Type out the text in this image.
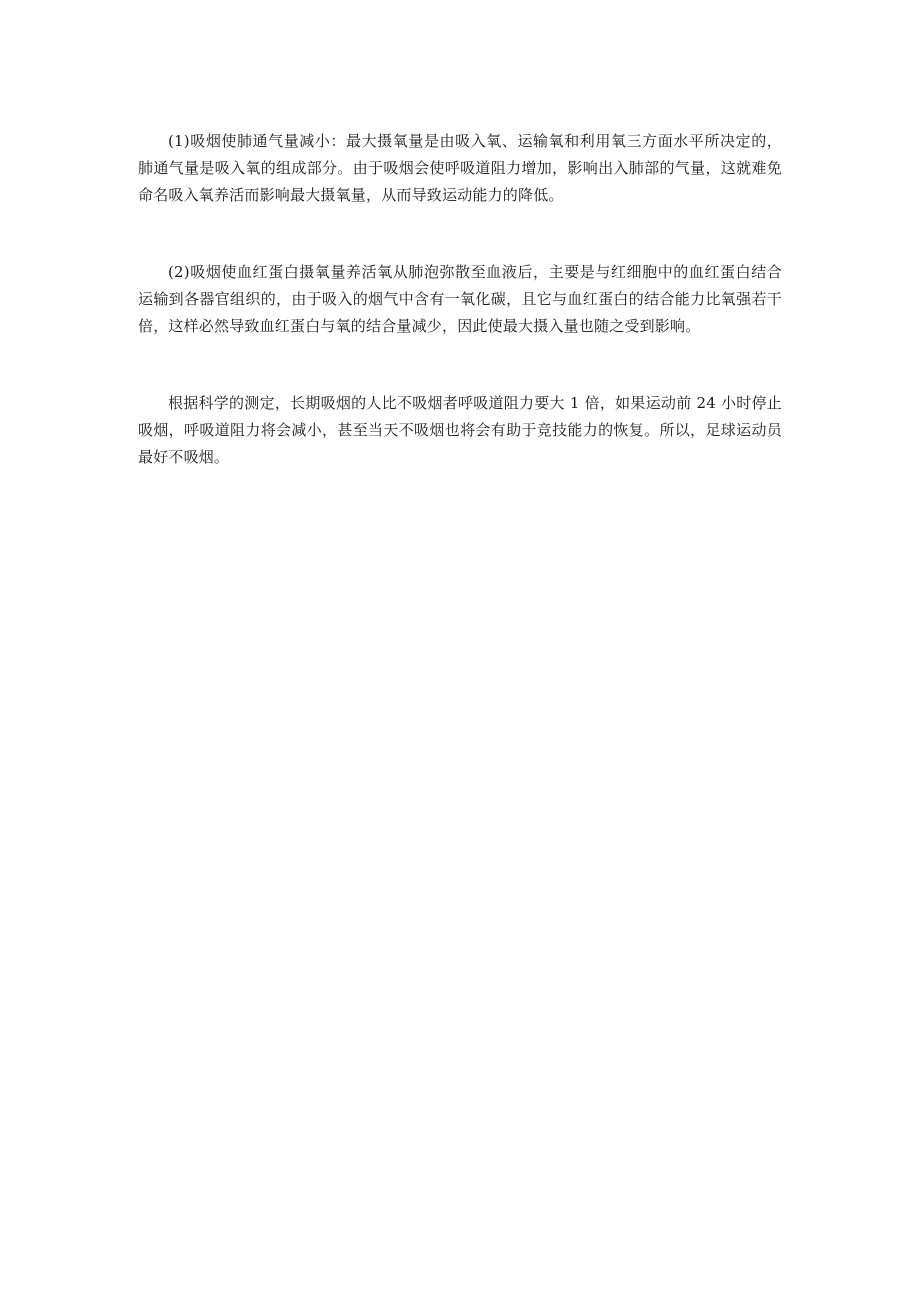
(1)吸烟使肺通气量减小：最大摄氧量是由吸入氧、运输氧和利用氧三方面水平所决定的，肺通气量是吸入氧的组成部分。由于吸烟会使呼吸道阻力增加，影响出入肺部的气量，这就难免命名吸入氧养活而影响最大摄氧量，从而导致运动能力的降低。

(2)吸烟使血红蛋白摄氧量养活氧从肺泡弥散至血液后，主要是与红细胞中的血红蛋白结合运输到各器官组织的，由于吸入的烟气中含有一氧化碳，且它与血红蛋白的结合能力比氧强若干倍，这样必然导致血红蛋白与氧的结合量减少，因此使最大摄入量也随之受到影响。

根据科学的测定，长期吸烟的人比不吸烟者呼吸道阻力要大 1 倍，如果运动前 24 小时停止吸烟，呼吸道阻力将会减小，甚至当天不吸烟也将会有助于竞技能力的恢复。所以，足球运动员最好不吸烟。
